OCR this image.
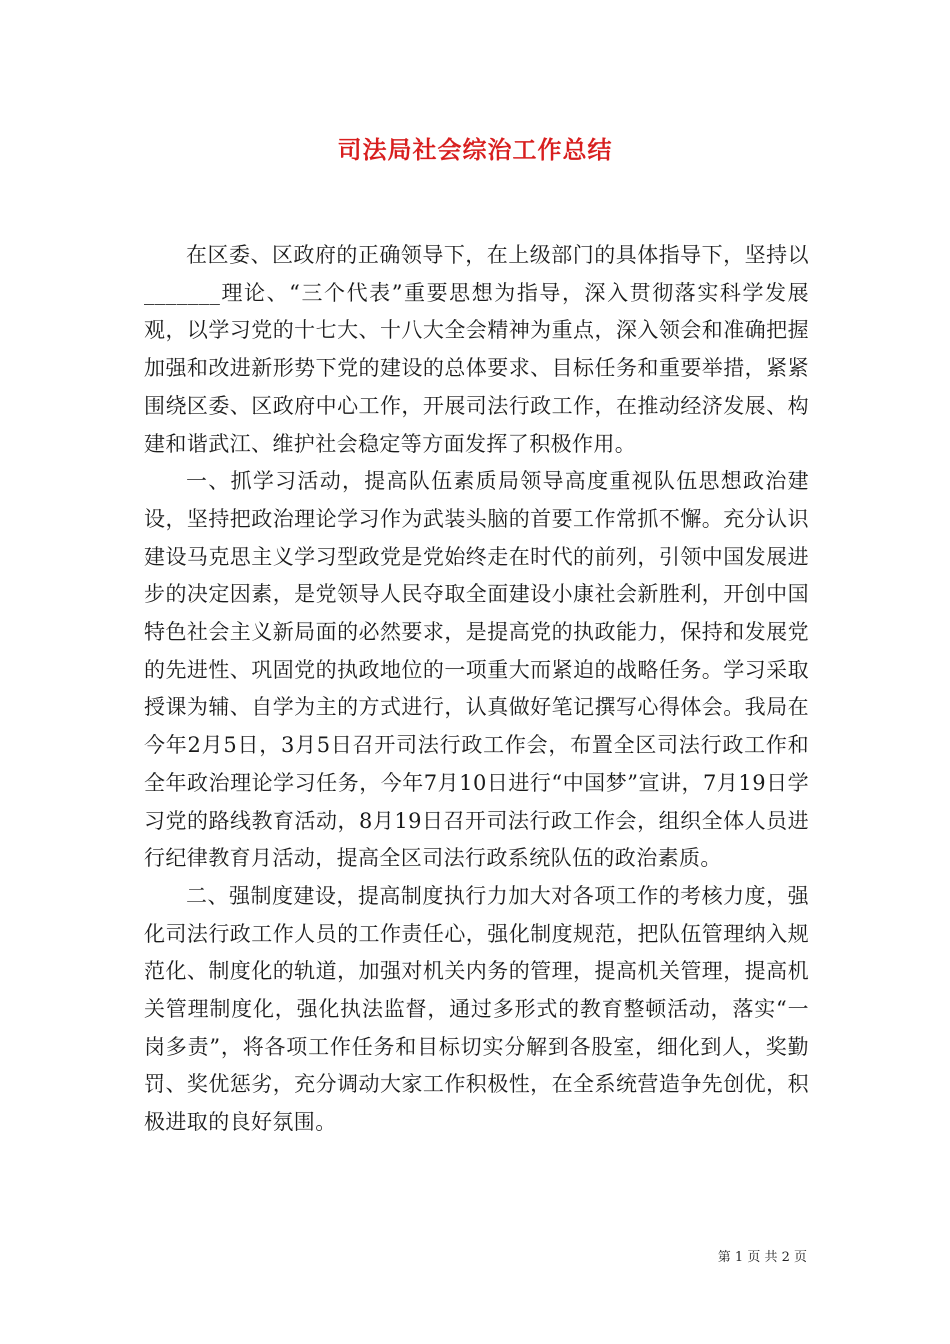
司法局社会综治工作总结

在区委、区政府的正确领导下，在上级部门的具体指导下，坚持以_______理论、“三个代表”重要思想为指导，深入贯彻落实科学发展观，以学习党的十七大、十八大全会精神为重点，深入领会和准确把握加强和改进新形势下党的建设的总体要求、目标任务和重要举措，紧紧围绕区委、区政府中心工作，开展司法行政工作，在推动经济发展、构建和谐武江、维护社会稳定等方面发挥了积极作用。

一、抓学习活动，提高队伍素质局领导高度重视队伍思想政治建设，坚持把政治理论学习作为武装头脑的首要工作常抓不懈。充分认识建设马克思主义学习型政党是党始终走在时代的前列，引领中国发展进步的决定因素，是党领导人民夺取全面建设小康社会新胜利，开创中国特色社会主义新局面的必然要求，是提高党的执政能力，保持和发展党的先进性、巩固党的执政地位的一项重大而紧迫的战略任务。学习采取授课为辅、自学为主的方式进行，认真做好笔记撰写心得体会。我局在今年2月5日，3月5日召开司法行政工作会，布置全区司法行政工作和全年政治理论学习任务，今年7月10日进行“中国梦”宣讲，7月19日学习党的路线教育活动，8月19日召开司法行政工作会，组织全体人员进行纪律教育月活动，提高全区司法行政系统队伍的政治素质。

二、强制度建设，提高制度执行力加大对各项工作的考核力度，强化司法行政工作人员的工作责任心，强化制度规范，把队伍管理纳入规范化、制度化的轨道，加强对机关内务的管理，提高机关管理，提高机关管理制度化，强化执法监督，通过多形式的教育整顿活动，落实“一岗多责”，将各项工作任务和目标切实分解到各股室，细化到人，奖勤罚、奖优惩劣，充分调动大家工作积极性，在全系统营造争先创优，积极进取的良好氛围。

第 1 页 共 2 页
